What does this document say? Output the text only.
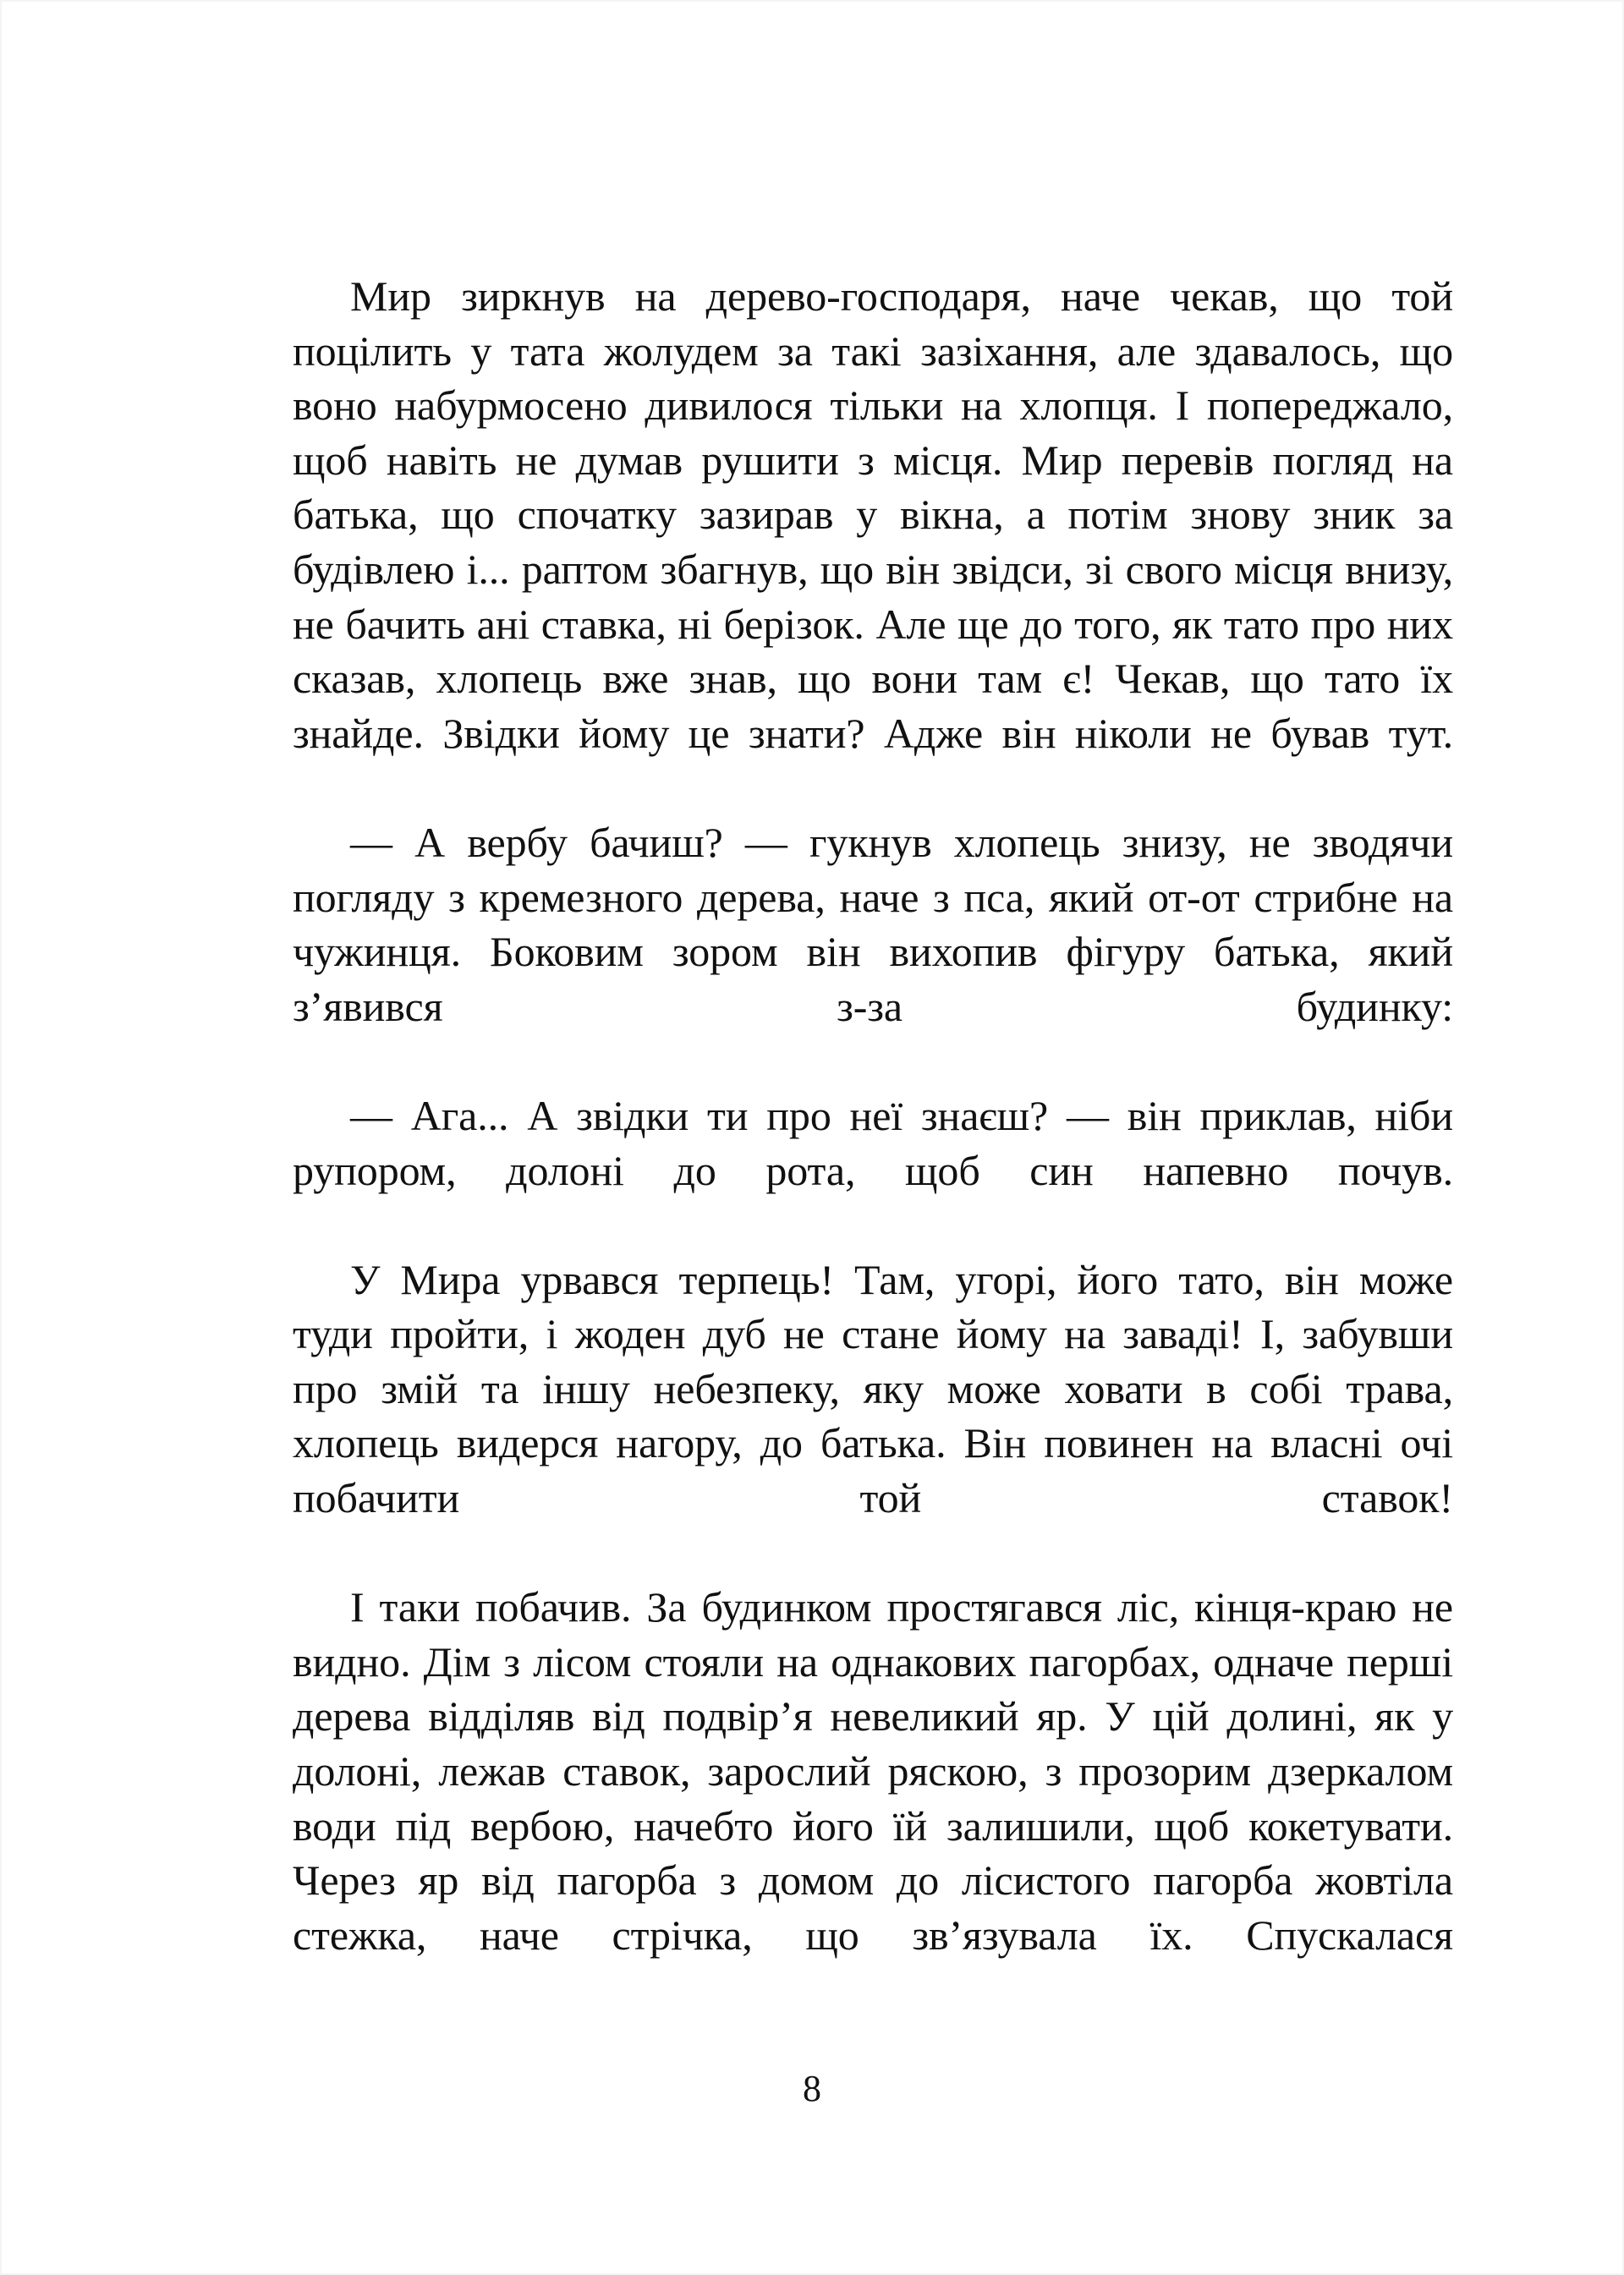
Мир зиркнув на дерево-господаря, наче чекав, що той поцілить у тата жолудем за такі зазіхання, але здавалось, що воно набурмосено дивилося тільки на хлопця. І попереджало, щоб навіть не думав рушити з місця. Мир перевів погляд на батька, що спочатку зазирав у вікна, а потім знову зник за будівлею і... раптом збагнув, що він звідси, зі свого місця внизу, не бачить ані ставка, ні берізок. Але ще до того, як тато про них сказав, хлопець вже знав, що вони там є! Чекав, що тато їх знайде. Звідки йому це знати? Адже він ніколи не бував тут.

— А вербу бачиш? — гукнув хлопець знизу, не зводячи погляду з кремезного дерева, наче з пса, який от-от стрибне на чужинця. Боковим зором він вихопив фігуру батька, який з’явився з-за будинку:

— Ага... А звідки ти про неї знаєш? — він приклав, ніби рупором, долоні до рота, щоб син напевно почув.

У Мира урвався терпець! Там, угорі, його тато, він може туди пройти, і жоден дуб не стане йому на заваді! І, забувши про змій та іншу небезпеку, яку може ховати в собі трава, хлопець видерся нагору, до батька. Він повинен на власні очі побачити той ставок!

І таки побачив. За будинком простягався ліс, кінця-краю не видно. Дім з лісом стояли на однакових пагорбах, одначе перші дерева відділяв від подвір’я невеликий яр. У цій долині, як у долоні, лежав ставок, зарослий ряскою, з прозорим дзеркалом води під вербою, начебто його їй залишили, щоб кокетувати. Через яр від пагорба з домом до лісистого пагорба жовтіла стежка, наче стрічка, що зв’язувала їх. Спускалася

8
